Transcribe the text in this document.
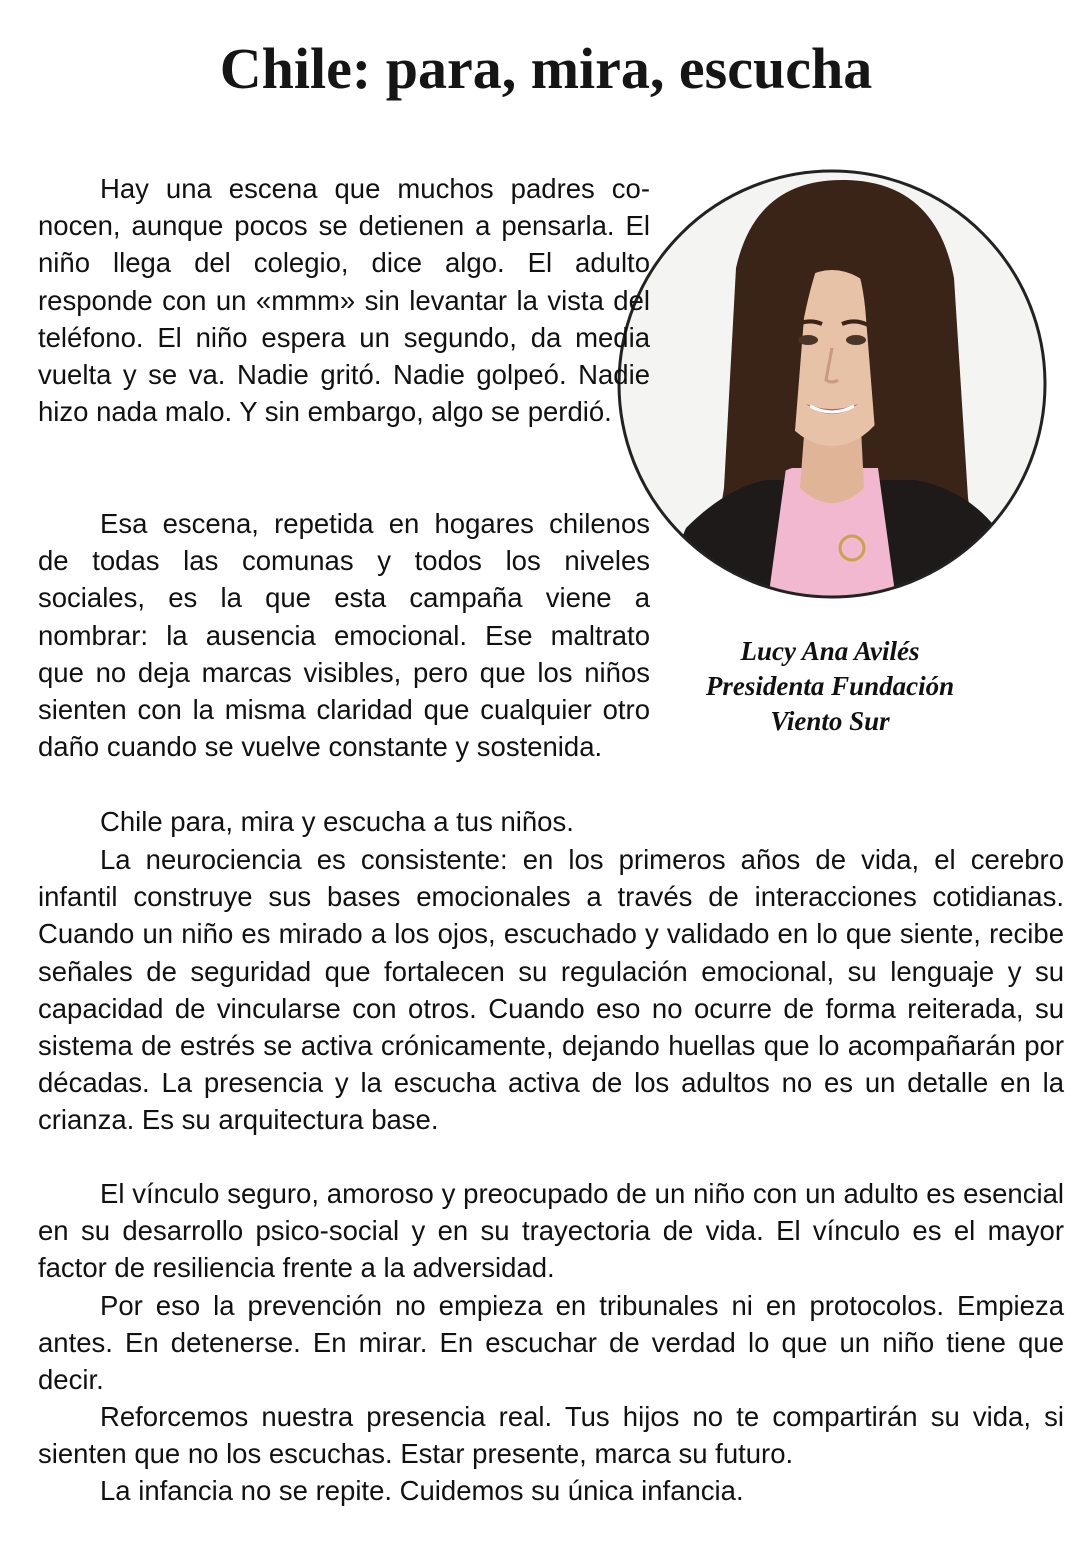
Chile: para, mira, escucha
Lucy Ana Avilés
Presidenta Fundación
Viento Sur

Hay una escena que muchos padres conocen, aunque pocos se detienen a pensarla. El niño llega del colegio, dice algo. El adulto responde con un «mmm» sin levantar la vista del teléfono. El niño espera un segundo, da media vuelta y se va. Nadie gritó. Nadie golpeó. Nadie hizo nada malo. Y sin embargo, algo se perdió.

Esa escena, repetida en hogares chilenos de todas las comunas y todos los niveles sociales, es la que esta campaña viene a nombrar: la ausencia emocional. Ese maltrato que no deja marcas visibles, pero que los niños sienten con la misma claridad que cualquier otro daño cuando se vuelve constante y sostenida.

Chile para, mira y escucha a tus niños.

La neurociencia es consistente: en los primeros años de vida, el cerebro infantil construye sus bases emocionales a través de interacciones cotidianas. Cuando un niño es mirado a los ojos, escuchado y validado en lo que siente, recibe señales de seguridad que fortalecen su regulación emocional, su lenguaje y su capacidad de vincularse con otros. Cuando eso no ocurre de forma reiterada, su sistema de estrés se activa crónicamente, dejando huellas que lo acompañarán por décadas. La presencia y la escucha activa de los adultos no es un detalle en la crianza. Es su arquitectura base.

El vínculo seguro, amoroso y preocupado de un niño con un adulto es esencial en su desarrollo psico-social y en su trayectoria de vida. El vínculo es el mayor factor de resiliencia frente a la adversidad.

Por eso la prevención no empieza en tribunales ni en protocolos. Empieza antes. En detenerse. En mirar. En escuchar de verdad lo que un niño tiene que decir.

Reforcemos nuestra presencia real. Tus hijos no te compartirán su vida, si sienten que no los escuchas. Estar presente, marca su futuro.

La infancia no se repite. Cuidemos su única infancia.
